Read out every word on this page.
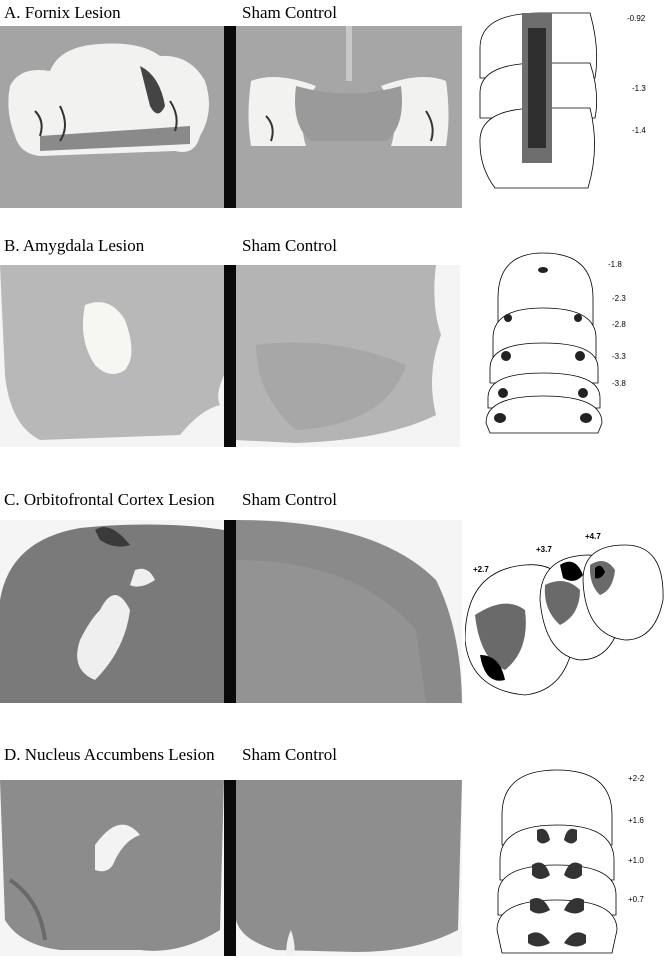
A. Fornix Lesion	Sham Control	-0.92
-1.3
-1.4
B. Amygdala Lesion	Sham Control
-1.8
-2.3
-2.8
-3.3
-3.8
C. Orbitofrontal Cortex Lesion Sham Control
+2.7
+3.7
+4.7
D. Nucleus Accumbens Lesion Sham Control
+2-2
+1.6
+1.0
+0.7
